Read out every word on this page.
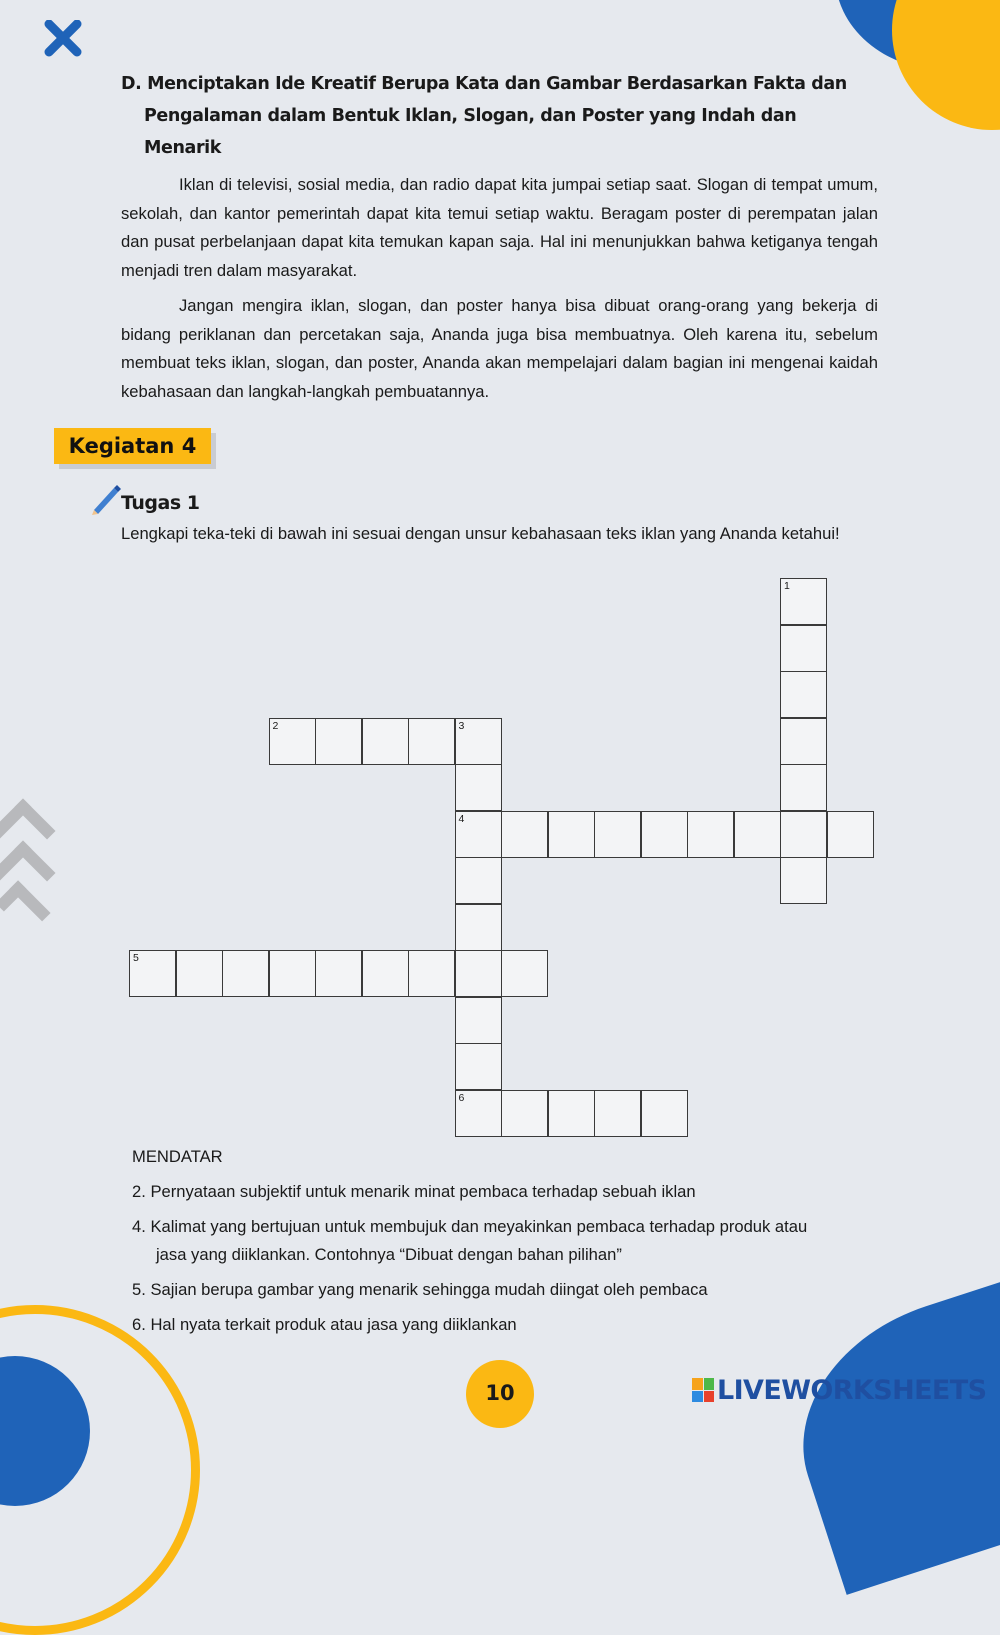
D. Menciptakan Ide Kreatif Berupa Kata dan Gambar Berdasarkan Fakta dan
Pengalaman dalam Bentuk Iklan, Slogan, dan Poster yang Indah dan
Menarik
Iklan di televisi, sosial media, dan radio dapat kita jumpai setiap saat. Slogan di tempat umum, sekolah, dan kantor pemerintah dapat kita temui setiap waktu. Beragam poster di perempatan jalan dan pusat perbelanjaan dapat kita temukan kapan saja. Hal ini menunjukkan bahwa ketiganya tengah menjadi tren dalam masyarakat.
Jangan mengira iklan, slogan, dan poster hanya bisa dibuat orang-orang yang bekerja di bidang periklanan dan percetakan saja, Ananda juga bisa membuatnya. Oleh karena itu, sebelum membuat teks iklan, slogan, dan poster, Ananda akan mempelajari dalam bagian ini mengenai kaidah kebahasaan dan langkah-langkah pembuatannya.
Kegiatan 4
Tugas 1
Lengkapi teka-teki di bawah ini sesuai dengan unsur kebahasaan teks iklan yang Ananda ketahui!
1
2	3
4
6
5
MENDATAR
2. Pernyataan subjektif untuk menarik minat pembaca terhadap sebuah iklan
4. Kalimat yang bertujuan untuk membujuk dan meyakinkan pembaca terhadap produk atau
jasa yang diiklankan. Contohnya “Dibuat dengan bahan pilihan”
5. Sajian berupa gambar yang menarik sehingga mudah diingat oleh pembaca
6. Hal nyata terkait produk atau jasa yang diiklankan
10	LIVEWORKSHEETS
